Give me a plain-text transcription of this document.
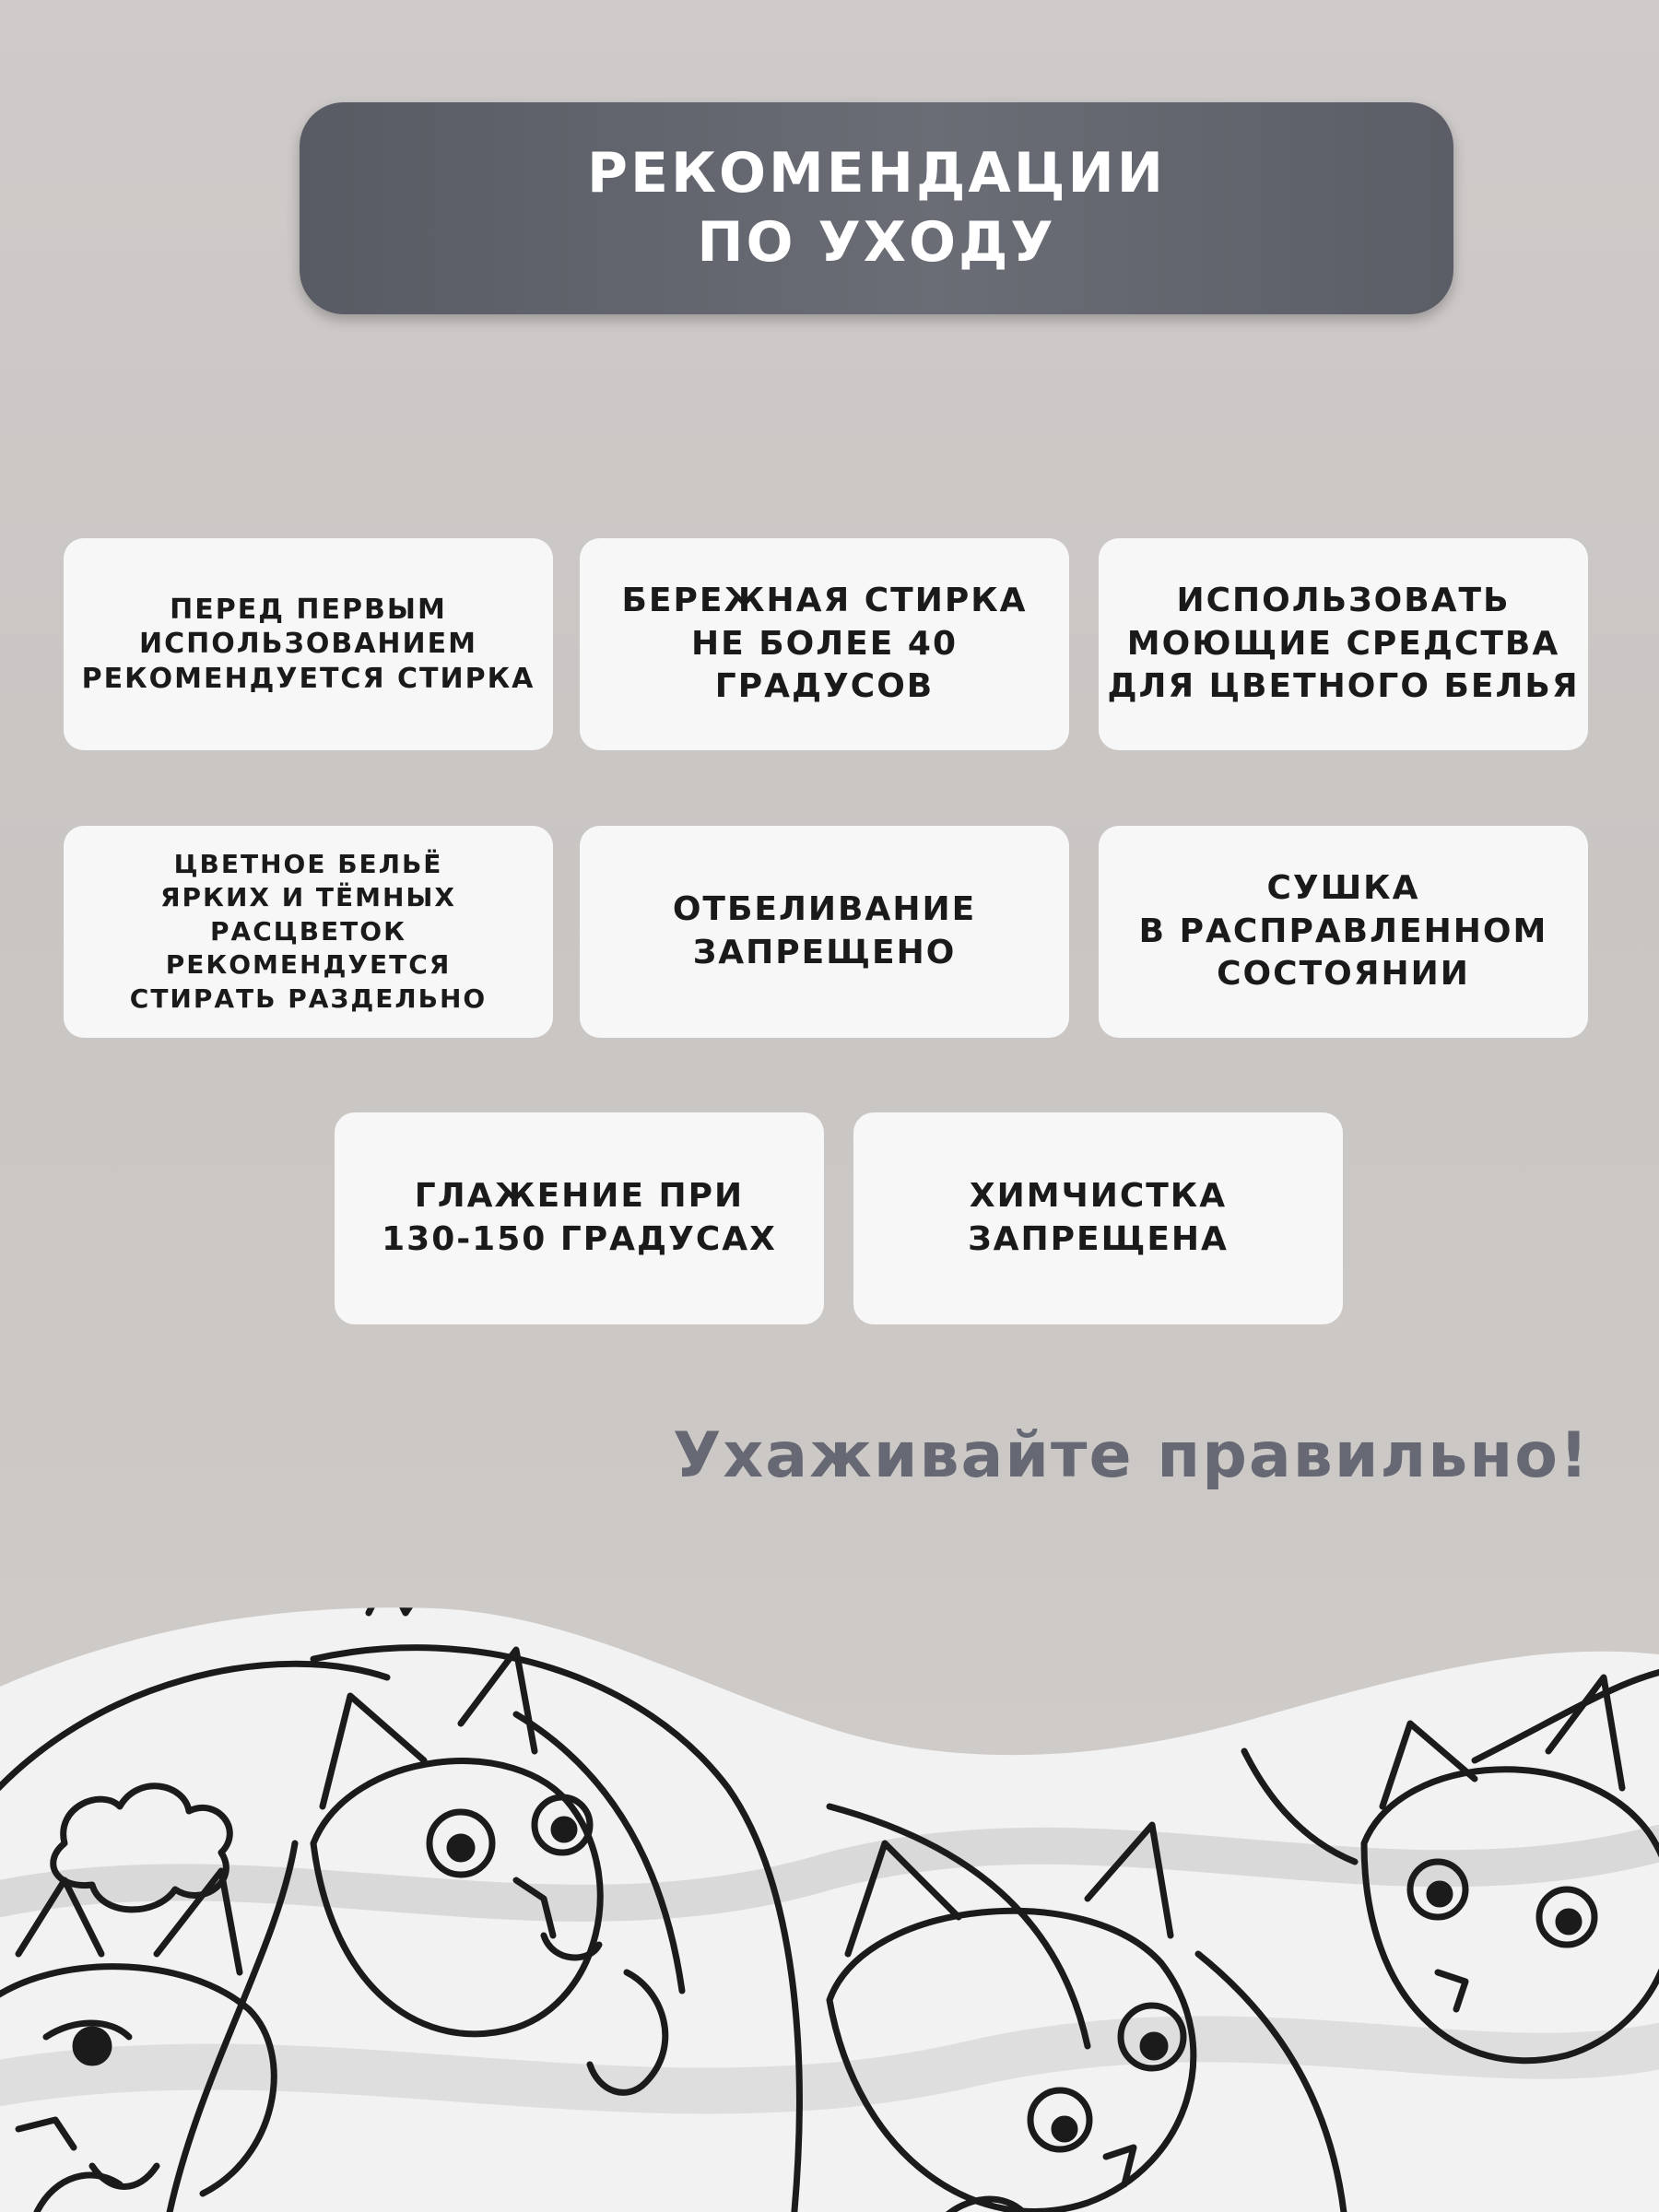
РЕКОМЕНДАЦИИ
ПО УХОДУ
ПЕРЕД ПЕРВЫМ
ИСПОЛЬЗОВАНИЕМ
РЕКОМЕНДУЕТСЯ СТИРКА
БЕРЕЖНАЯ СТИРКА
НЕ БОЛЕЕ 40 ГРАДУСОВ
ИСПОЛЬЗОВАТЬ
МОЮЩИЕ СРЕДСТВА
ДЛЯ ЦВЕТНОГО БЕЛЬЯ
ЦВЕТНОЕ БЕЛЬЁ
ЯРКИХ И ТЁМНЫХ РАСЦВЕТОК
РЕКОМЕНДУЕТСЯ
СТИРАТЬ РАЗДЕЛЬНО
ОТБЕЛИВАНИЕ
ЗАПРЕЩЕНО
СУШКА
В РАСПРАВЛЕННОМ
СОСТОЯНИИ
ГЛАЖЕНИЕ ПРИ
130-150 ГРАДУСАХ
ХИМЧИСТКА
ЗАПРЕЩЕНА
Ухаживайте правильно!
